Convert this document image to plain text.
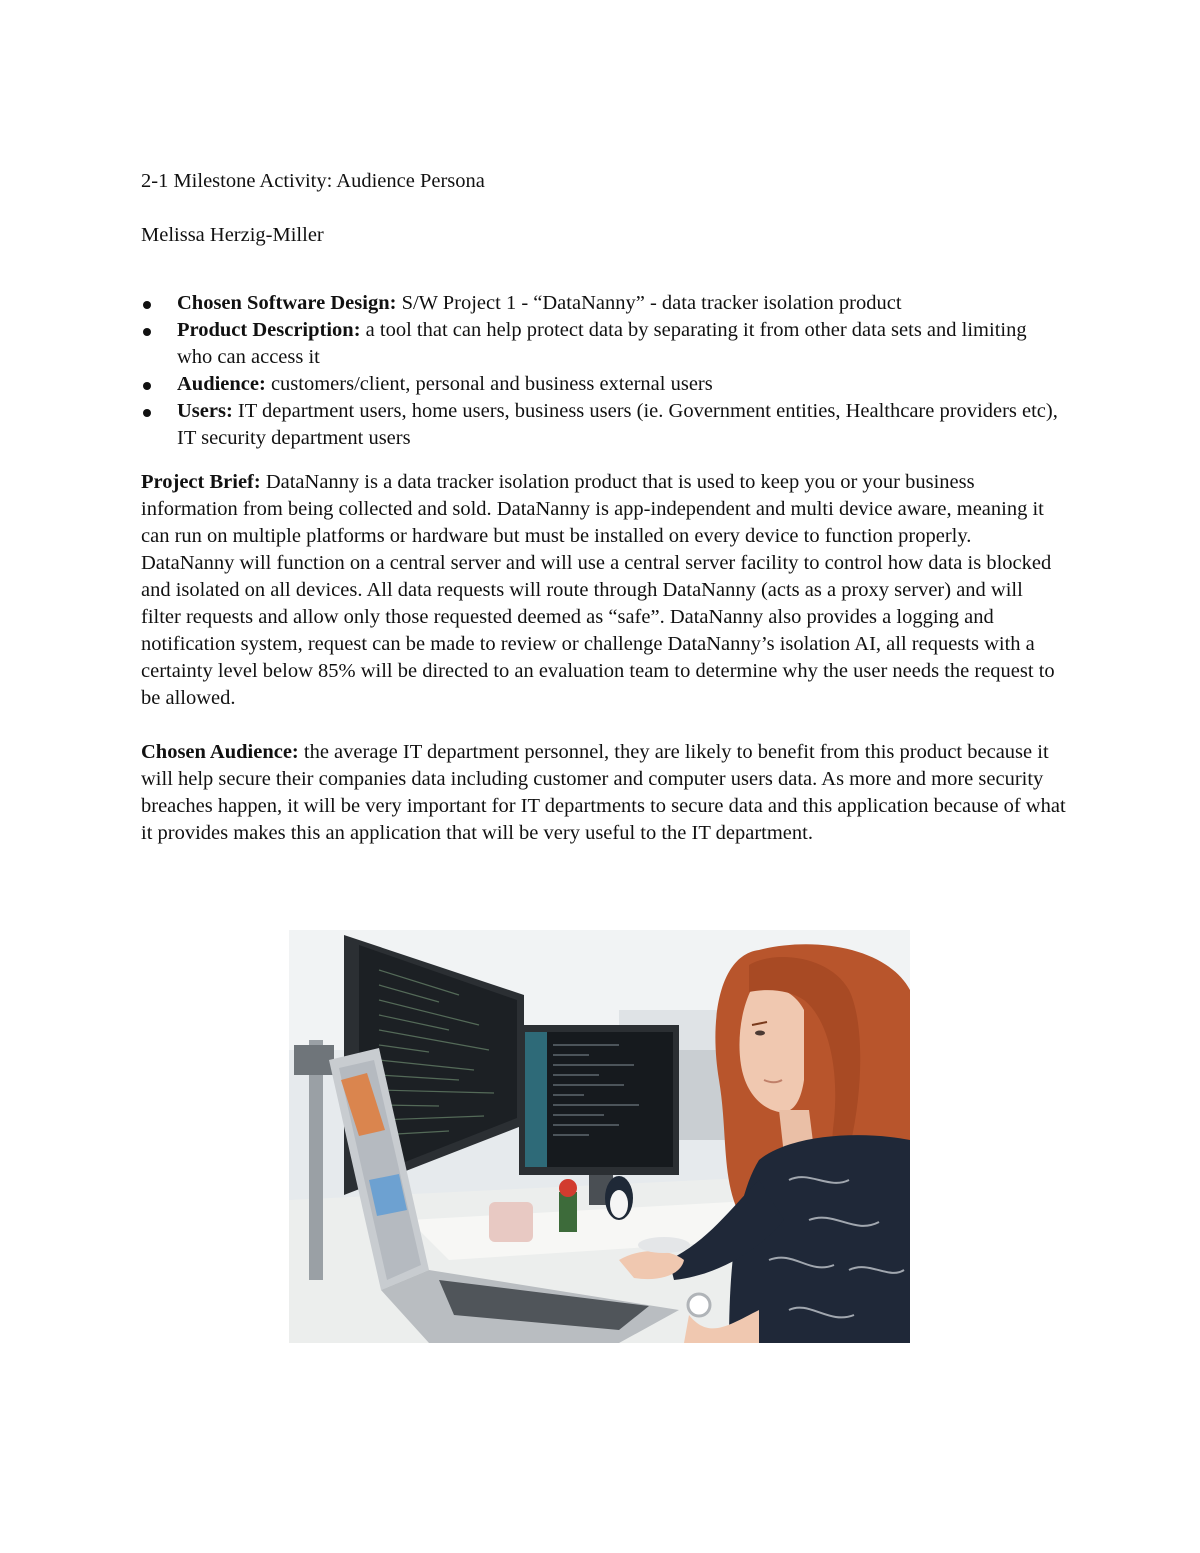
2-1 Milestone Activity: Audience Persona

Melissa Herzig-Miller

Chosen Software Design: S/W Project 1 - “DataNanny” - data tracker isolation product
Product Description: a tool that can help protect data by separating it from other data sets and limiting who can access it
Audience: customers/client, personal and business external users
Users: IT department users, home users, business users (ie. Government entities, Healthcare providers etc), IT security department users

Project Brief: DataNanny is a data tracker isolation product that is used to keep you or your business information from being collected and sold. DataNanny is app-independent and multi device aware, meaning it can run on multiple platforms or hardware but must be installed on every device to function properly. DataNanny will function on a central server and will use a central server facility to control how data is blocked and isolated on all devices. All data requests will route through DataNanny (acts as a proxy server) and will filter requests and allow only those requested deemed as “safe”. DataNanny also provides a logging and notification system, request can be made to review or challenge DataNanny’s isolation AI, all requests with a certainty level below 85% will be directed to an evaluation team to determine why the user needs the request to be allowed.

Chosen Audience: the average IT department personnel, they are likely to benefit from this product because it will help secure their companies data including customer and computer users data. As more and more security breaches happen, it will be very important for IT departments to secure data and this application because of what it provides makes this an application that will be very useful to the IT department.
